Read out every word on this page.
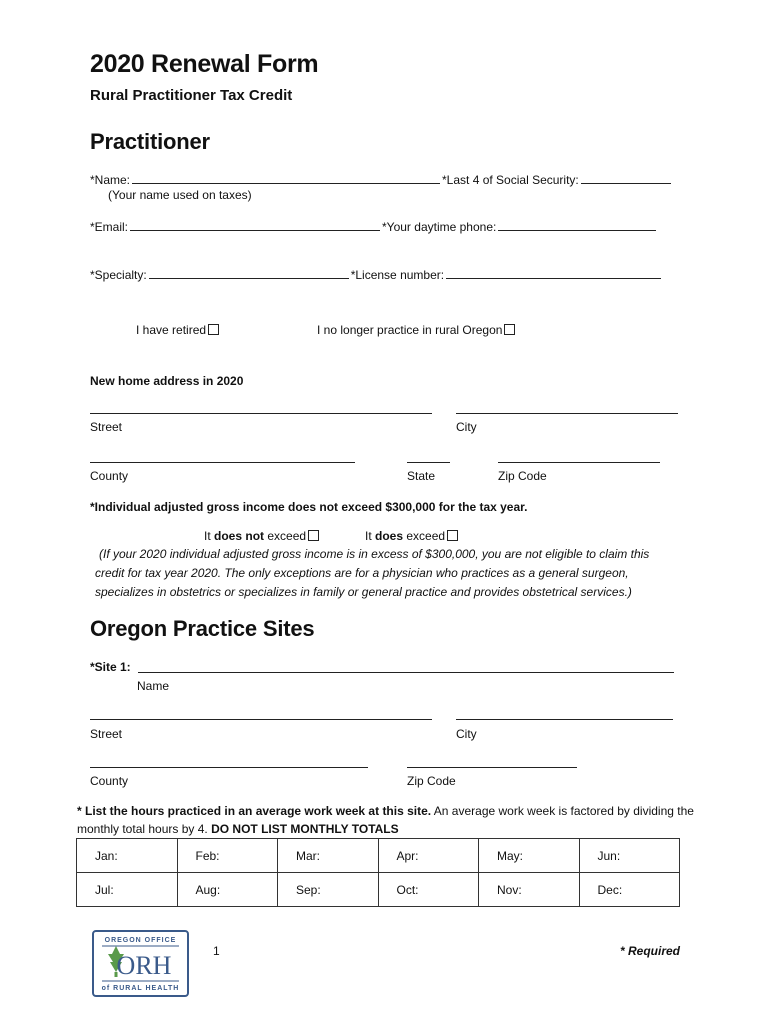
2020 Renewal Form
Rural Practitioner Tax Credit
Practitioner
*Name:	*Last 4 of Social Security:
(Your name used on taxes)
*Email:	*Your daytime phone:
*Specialty:	*License number:
I have retired	I no longer practice in rural Oregon
New home address in 2020
Street	City
County	State	Zip Code
*Individual adjusted gross income does not exceed $300,000 for the tax year.
It does not exceed	It does exceed
(If your 2020 individual adjusted gross income is in excess of $300,000, you are not eligible to claim this
credit for tax year 2020. The only exceptions are for a physician who practices as a general surgeon,
specializes in obstetrics or specializes in family or general practice and provides obstetrical services.)
Oregon Practice Sites
*Site 1:
Name
Street	City
County	Zip Code
* List the hours practiced in an average work week at this site. An average work week is factored by dividing the
monthly total hours by 4. DO NOT LIST MONTHLY TOTALS
Jan:	Feb:	Mar:	Apr:	May:	Jun:
Jul:	Aug:	Sep:	Oct:	Nov:	Dec:
OREGON OFFICE
ORH
of RURAL HEALTH
1	* Required
